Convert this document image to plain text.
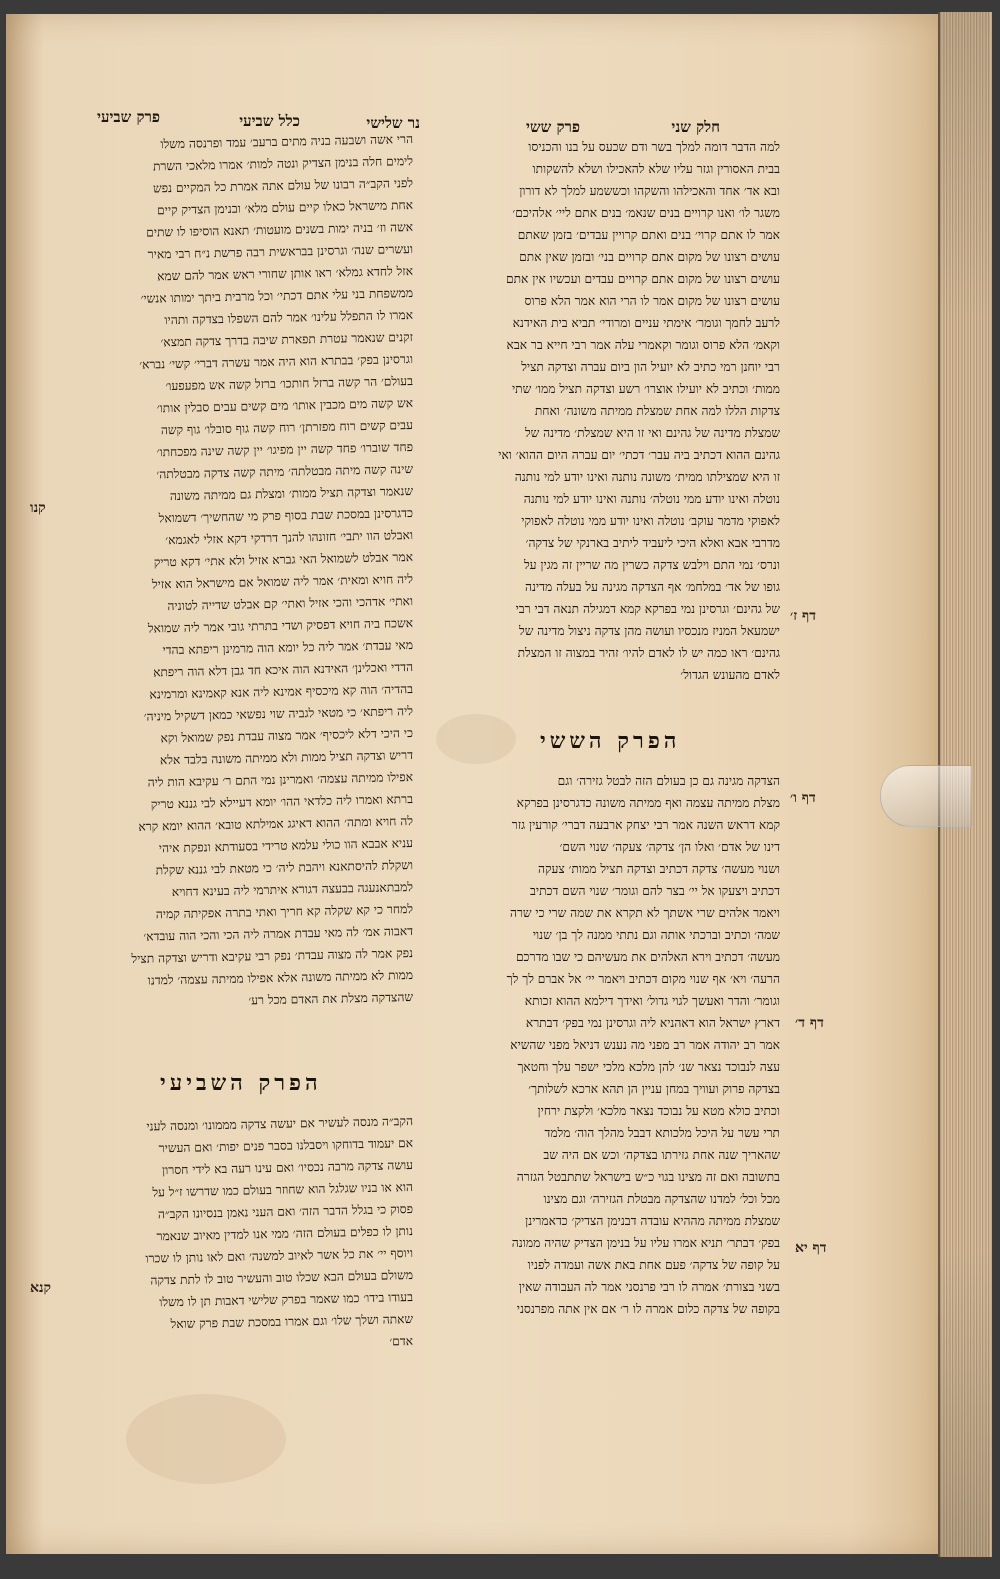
חלק שני
פרק ששי
נר שלישי
כלל שביעי
פרק שביעי

למה הדבר דומה למלך בשר ודם שכעס על בנו והכניסו

בבית האסורין וגזר עליו שלא להאכילו ושלא להשקותו

ובא אד׳ אחד והאכילהו והשקהו וכששמע למלך לא דורון

משגר לו׳ ואנו קרויים בנים שנאמ׳ בנים אתם ליי׳ אלהיכם׳

אמר לו אתם קרוי׳ בנים ואתם קרויין עבדים׳ בזמן שאתם

עושים רצונו של מקום אתם קרויים בני׳ ובזמן שאין אתם

עושים רצונו של מקום אתם קרויים עבדים ועכשיו אין אתם

עושים רצונו של מקום אמר לו הרי הוא אמר הלא פרוס

לרעב לחמך וגומר׳ אימתי עניים ומרודי׳ תביא בית האידנא

וקאמ׳ הלא פרוס וגומר וקאמרי עלה אמר רבי חייא בר אבא

רבי יוחנן רמי כתיב לא יועיל הון ביום עברה וצדקה תציל

ממות׳ וכתיב לא יועילו אוצרו׳ רשע וצדקה תציל ממו׳ שתי

צדקות הללו למה אחת שמצלת ממיתה משונה׳ ואחת

שמצלת מדינה של גהינם ואי זו היא שמצלת׳ מדינה של

גהינם ההוא דכתיב ביה עבר׳ דכתי׳ יום עברה היום ההוא׳ ואי

זו היא שמצילתו ממית׳ משונה נותנה ואינו יודע למי נותנה

נוטלה ואינו יודע ממי נוטלה׳ נותנה ואינו יודע למי נותנה

לאפוקי מדמר עוקב׳ נוטלה ואינו יודע ממי נוטלה לאפוקי

מדרבי אבא ואלא היכי ליעביד ליתיב בארנקי של צדקה׳

ונרס׳ נמי התם וילבש צדקה כשרין מה שריין זה מגין על

גופו של אד׳ במלחמ׳ אף הצדקה מגינה על בעלה מדינה

של גהינם׳ וגרסינן נמי בפרקא קמא דמגילה תנאה דבי רבי

ישמעאל המניז מנכסיו ועושה מהן צדקה ניצול מדינה של

גהינם׳ ראו כמה יש לו לאדם להיו׳ זהיר במצוה זו המצלת

לאדם מהעונש הגדול׳

הפרק הששי

הצדקה מגינה גם כן בעולם הזה לבטל גזירה׳ וגם

מצלת ממיתה עצמה ואף ממיתה משונה כדגרסינן בפרקא

קמא דראש השנה אמר רבי יצחק ארבעה דברי׳ קורעין גזר

דינו של אדם׳ ואלו הן׳ צדקה׳ צעקה׳ שנוי השם׳

ושנוי מעשה׳ צדקה דכתיב וצדקה תציל ממות׳ צעקה

דכתיב ויצעקו אל יי׳ בצר להם וגומר׳ שנוי השם דכתיב

ויאמר אלהים שרי אשתך לא תקרא את שמה שרי כי שרה

שמה׳ וכתיב וברכתי אותה וגם נתתי ממנה לך בן׳ שנוי

מעשה׳ דכתיב וירא האלהים את מעשיהם כי שבו מדרכם

הרעה׳ ויא׳ אף שנוי מקום דכתיב ויאמר יי׳ אל אברם לך לך

וגומר׳ והדר ואעשך לגוי גדול׳ ואידך דילמא ההוא זכותא

דארץ ישראל הוא דאהניא ליה וגרסינן נמי בפק׳ דבתרא

אמר רב יהודה אמר רב מפני מה נענש דניאל מפני שהשיא

עצה לנבוכד נצאר שנ׳ להן מלכא מלכי ישפר עלך וחטאך

בצדקה פרוק ועוויך במחן עניין הן תהא ארכא לשלותך׳

וכתיב כולא מטא על נבוכד נצאר מלכא׳ ולקצת ירחין

תרי עשר על היכל מלכותא דבבל מהלך הוה׳ מלמד

שהאריך שנה אחת גזירתו בצדקה׳ וכש אם היה שב

בתשובה ואם זה מצינו בגוי כ״ש בישראל שתתבטל הגזרה

מכל וכל׳ למדנו שהצדקה מבטלת הגזירה׳ וגם מצינו

שמצלת ממיתה מההיא עובדה דבנימן הצדיק׳ כדאמרינן

בפק׳ דבתר׳ תניא אמרו עליו על בנימן הצדיק שהיה ממונה

על קופה של צדקה׳ פעם אחת באת אשה ועמדה לפניו

בשני בצורת׳ אמרה לו רבי פרנסני אמר לה העבודה שאין

בקופה של צדקה כלום אמרה לו ר׳ אם אין אתה מפרנסני

הרי אשה ושבעה בניה מתים ברעב׳ עמד ופרנסה משלו

לימים חלה בנימן הצדיק ונטה למות׳ אמרו מלאכי השרת

לפני הקב״ה רבונו של עולם אתה אמרת כל המקיים נפש

אחת מישראל כאלו קיים עולם מלא׳ ובנימן הצדיק קיים

אשה וז׳ בניה ימות בשנים מועטות׳ תאנא הוסיפו לו שתים

ועשרים שנה׳ וגרסינן בבראשית רבה פרשת נ״ח רבי מאיר

אזל לחדא גמלא׳ ראו אותן שחורי ראש אמר להם שמא

ממשפחת בני עלי אתם דכתי׳ וכל מרבית ביתך ימותו אנשי׳

אמרו לו התפלל עלינו׳ אמר להם השפלו בצדקה ותהיו

זקנים שנאמר עטרת תפארת שיבה בדרך צדקה תמצא׳

וגרסינן בפק׳ בבתרא הוא היה אמר עשרה דברי׳ קשי׳ נברא׳

בעולם׳ הר קשה ברזל חותכו׳ ברזל קשה אש מפעפעו׳

אש קשה מים מכבין אותו׳ מים קשים עבים סבלין אותו׳

עבים קשים רוח מפזרתן׳ רוח קשה גוף סובלו׳ גוף קשה

פחד שוברו׳ פחד קשה יין מפיגו׳ יין קשה שינה מפכחתו׳

שינה קשה מיתה מבטלתה׳ מיתה קשה צדקה מבטלתה׳

שנאמר וצדקה תציל ממות׳ ומצלת גם ממיתה משונה

כדגרסינן במסכת שבת בסוף פרק מי שהחשיך׳ דשמואל

ואבלט הוו יתבי׳ חזונהו להנך דרדקי דקא אזלי לאגמא׳

אמר אבלט לשמואל האי גברא אזיל ולא אתי׳ דקא טריק

ליה חויא ומאית׳ אמר ליה שמואל אם מישראל הוא אזיל

ואתי׳ אדהכי והכי אזיל ואתי׳ קם אבלט שדייה לטוניה

אשכח ביה חויא דפסיק ושדי בתרתי גובי אמר ליה שמואל

מאי עבדת׳ אמר ליה כל יומא הוה מרמינן ריפתא בהדי

הדדי ואכלינן׳ האידנא הוה איכא חד גבן דלא הוה ריפתא

בהדיה׳ הוה קא מיכסיף אמינא ליה אנא קאמינא ומרמינא

ליה ריפתא׳ כי מטאי לגביה שוי נפשאי כמאן דשקיל מיניה׳

כי היכי דלא ליכסיף׳ אמר מצוה עבדת נפק שמואל וקא

דריש וצדקה תציל ממות ולא ממיתה משונה בלבד אלא

אפילו ממיתה עצמה׳ ואמרינן נמי התם ר׳ עקיבא הות ליה

ברתא ואמרו ליה כלדאי ההו׳ יומא דעיילא לבי גננא טריק

לה חויא ומתה׳ ההוא דאיגג אמילתא טובא׳ ההוא יומא קרא

עניא אבבא הוו כולי עלמא טרידי בסעודתא ונפקת איהי

ושקלת להיסתאנא ויהבת ליה׳ כי מטאת לבי גננא שקלת

למבתאנעגה בבעצה דגורא איתרמי ליה בעינא דחויא

למחר כי קא שקלה קא חריך ואתי בתרה אפקיתה קמיה

דאבוה אמ׳ לה מאי עבדת אמרה ליה הכי והכי הוה עובדא׳

נפק אמר לה מצוה עבדת׳ נפק רבי עקיבא ודריש וצדקה תציל

ממות לא ממיתה משונה אלא אפילו ממיתה עצמה׳ למדנו

שהצדקה מצלת את האדם מכל רע׳

הפרק השביעי

הקב״ה מנסה לעשיר אם יעשה צדקה מממונו׳ ומנסה לעני

אם יעמוד בדוחקו ויסבלנו בסבר פנים יפות׳ ואם העשיר

עושה צדקה מרבה נכסיו׳ ואם עינו רעה בא לידי חסרון

הוא או בניו שגלגל הוא שחוזר בעולם כמו שדרשו ז״ל על

פסוק כי בגלל הדבר הזה׳ ואם העני נאמן בנסיונו הקב״ה

נותן לו כפלים בעולם הזה׳ ממי אנו למדין מאיוב שנאמר

ויוסף יי׳ את כל אשר לאיוב למשנה׳ ואם לאו נותן לו שכרו

משולם בעולם הבא שכלו טוב והעשיר טוב לו לתת צדקה

בעודו בידו׳ כמו שאמר בפרק שלישי דאבות תן לו משלו

שאתה ושלך שלו׳ וגם אמרו במסכת שבת פרק שואל

אדם׳

דף ז׳
דף ו׳
דף ד׳
דף יא
קנו
קנא
